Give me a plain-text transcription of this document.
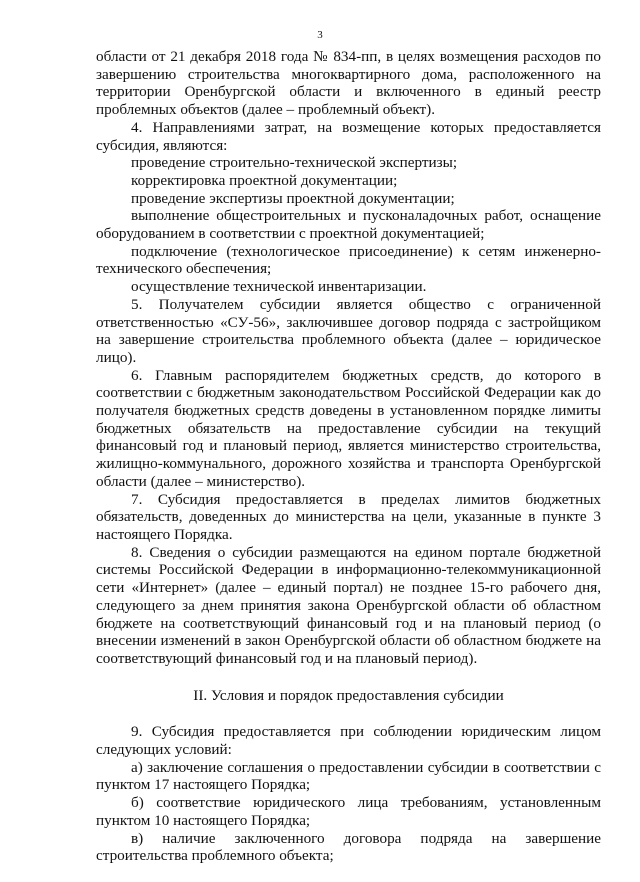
3

области от 21 декабря 2018 года № 834-пп, в целях возмещения расходов по завершению строительства многоквартирного дома, расположенного на территории Оренбургской области и включенного в единый реестр проблемных объектов (далее – проблемный объект).

4. Направлениями затрат, на возмещение которых предоставляется субсидия, являются:

проведение строительно-технической экспертизы;

корректировка проектной документации;

проведение экспертизы проектной документации;

выполнение общестроительных и пусконаладочных работ, оснащение оборудованием в соответствии с проектной документацией;

подключение (технологическое присоединение) к сетям инженерно-технического обеспечения;

осуществление технической инвентаризации.

5. Получателем субсидии является общество с ограниченной ответственностью «СУ-56», заключившее договор подряда с застройщиком на завершение строительства проблемного объекта (далее – юридическое лицо).

6. Главным распорядителем бюджетных средств, до которого в соответствии с бюджетным законодательством Российской Федерации как до получателя бюджетных средств доведены в установленном порядке лимиты бюджетных обязательств на предоставление субсидии на текущий финансовый год и плановый период, является министерство строительства, жилищно-коммунального, дорожного хозяйства и транспорта Оренбургской области (далее – министерство).

7. Субсидия предоставляется в пределах лимитов бюджетных обязательств, доведенных до министерства на цели, указанные в пункте 3 настоящего Порядка.

8. Сведения о субсидии размещаются на едином портале бюджетной системы Российской Федерации в информационно-телекоммуникационной сети «Интернет» (далее – единый портал) не позднее 15-го рабочего дня, следующего за днем принятия закона Оренбургской области об областном бюджете на соответствующий финансовый год и на плановый период (о внесении изменений в закон Оренбургской области об областном бюджете на соответствующий финансовый год и на плановый период).

II. Условия и порядок предоставления субсидии

9. Субсидия предоставляется при соблюдении юридическим лицом следующих условий:

а) заключение соглашения о предоставлении субсидии в соответствии с пунктом 17 настоящего Порядка;

б) соответствие юридического лица требованиям, установленным пунктом 10 настоящего Порядка;

в) наличие заключенного договора подряда на завершение строительства проблемного объекта;
